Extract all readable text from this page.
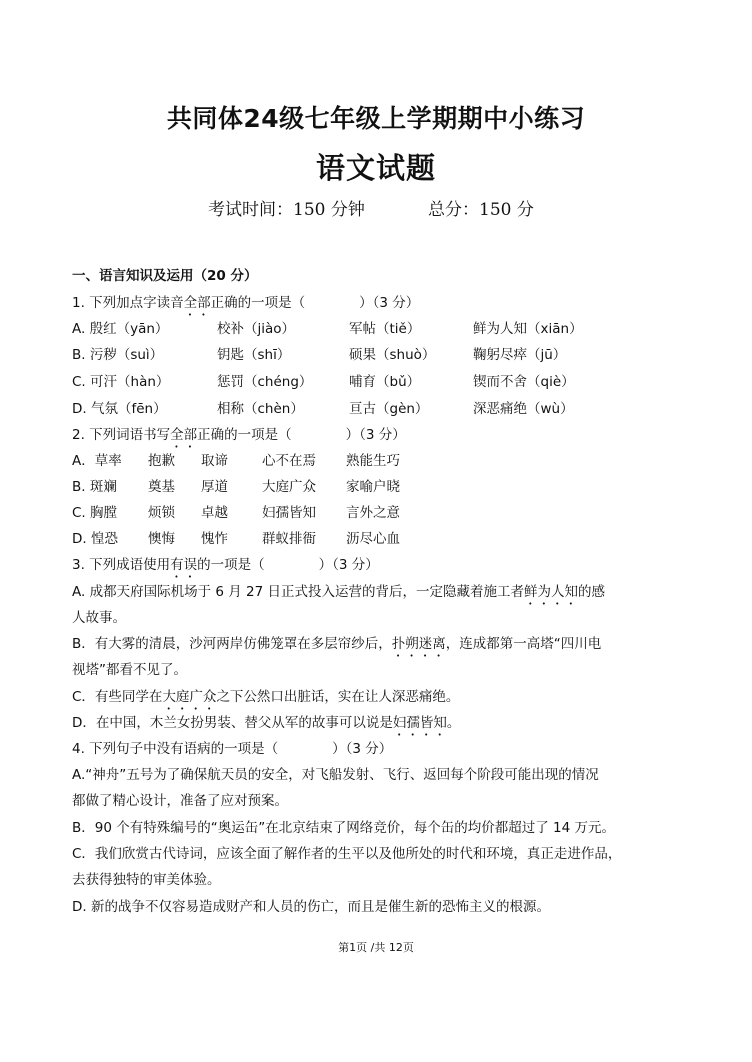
共同体24级七年级上学期期中小练习
语文试题
考试时间：150 分钟	总分：150 分
一、语言知识及运用（20 分）
1. 下列加点字读音全部正确的一项是（　　　　）（3 分）
A. 殷红（yān）	校补（jiào）	军帖（tiě）	鲜为人知（xiān）
B. 污秽（suì）	钥匙（shī）	硕果（shuò）	鞠躬尽瘁（jū）
C. 可汗（hàn）	惩罚（chéng）	哺育（bǔ）	锲而不舍（qiè）
D. 气氛（fēn）	相称（chèn）	亘古（gèn）	深恶痛绝（wù）
2. 下列词语书写全部正确的一项是（　　　　）（3 分）
A．草率 抱歉 取谛	心不在焉 熟能生巧
B. 斑斓 奠基 厚道	大庭广众 家喻户晓
C. 胸膛 烦锁 卓越	妇孺皆知 言外之意
D. 惶恐 懊悔 愧怍	群蚁排衙 沥尽心血
3. 下列成语使用有误的一项是（　　　　）（3 分）
A. 成都天府国际机场于 6 月 27 日正式投入运营的背后，一定隐藏着施工者鲜为人知的感
人故事。
B．有大雾的清晨，沙河两岸仿佛笼罩在多层帘纱后，扑朔迷离，连成都第一高塔“四川电
视塔”都看不见了。
C．有些同学在大庭广众之下公然口出脏话，实在让人深恶痛绝。
D．在中国，木兰女扮男装、替父从军的故事可以说是妇孺皆知。
4. 下列句子中没有语病的一项是（　　　　）（3 分）
A.“神舟”五号为了确保航天员的安全，对飞船发射、飞行、返回每个阶段可能出现的情况
都做了精心设计，准备了应对预案。
B．90 个有特殊编号的“奥运缶”在北京结束了网络竞价，每个缶的均价都超过了 14 万元。
C．我们欣赏古代诗词，应该全面了解作者的生平以及他所处的时代和环境，真正走进作品，
去获得独特的审美体验。
D. 新的战争不仅容易造成财产和人员的伤亡，而且是催生新的恐怖主义的根源。
第1页 /共 12页
